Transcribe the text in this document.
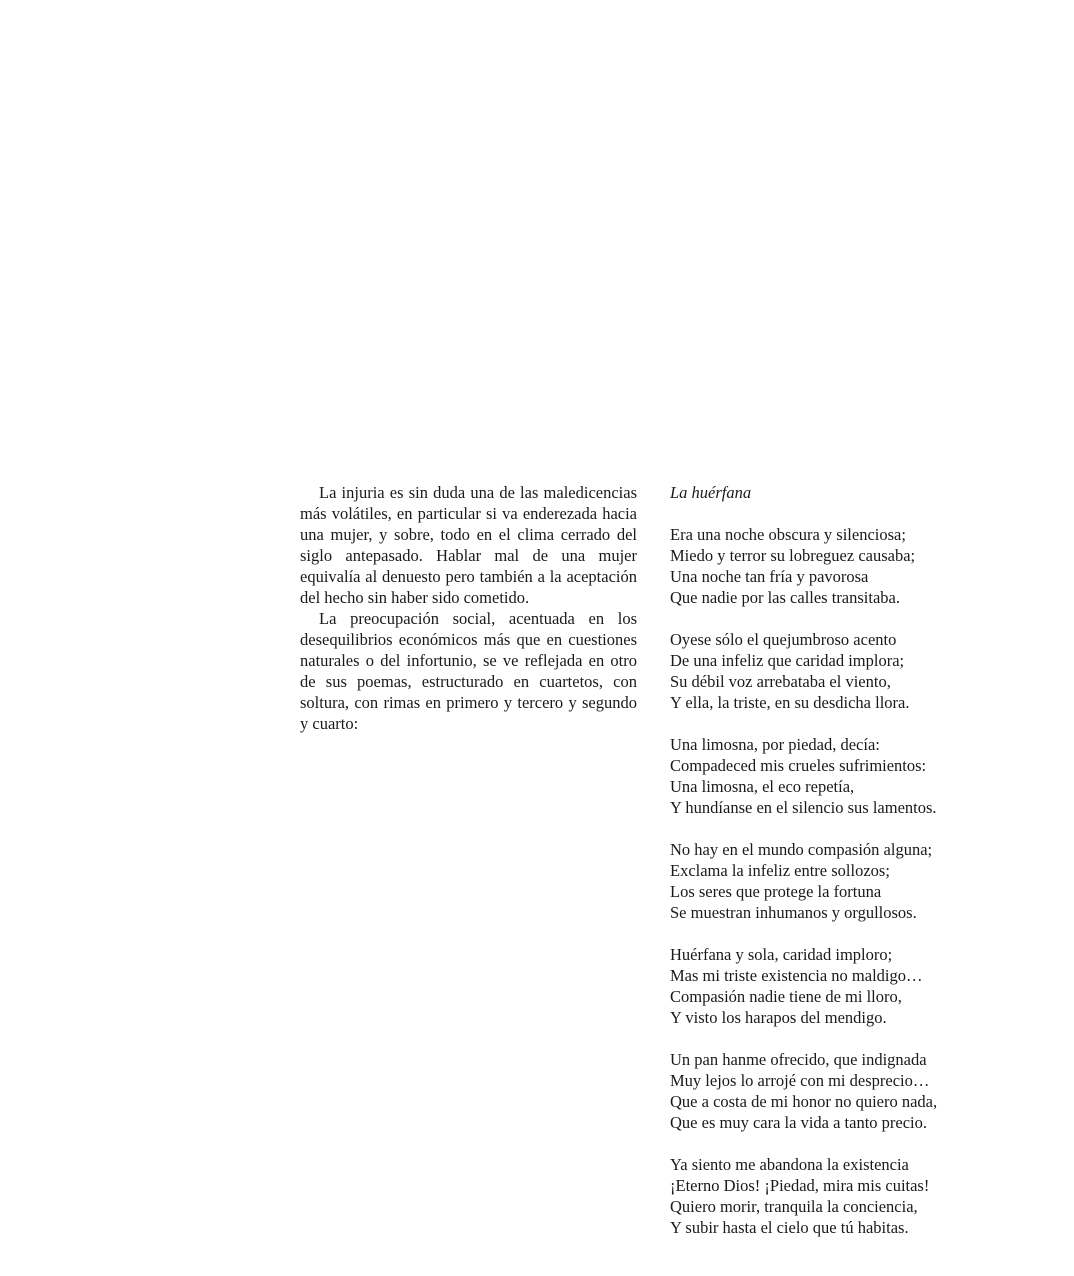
La injuria es sin duda una de las maledicencias más volátiles, en particular si va enderezada hacia una mujer, y sobre, todo en el clima cerrado del siglo antepasado. Hablar mal de una mujer equivalía al denuesto pero también a la aceptación del hecho sin haber sido cometido.

La preocupación social, acentuada en los desequilibrios económicos más que en cuestiones naturales o del infortunio, se ve reflejada en otro de sus poemas, estructurado en cuartetos, con soltura, con rimas en primero y tercero y segundo y cuarto:

La huérfana
Era una noche obscura y silenciosa;
Miedo y terror su lobreguez causaba;
Una noche tan fría y pavorosa
Que nadie por las calles transitaba.
Oyese sólo el quejumbroso acento
De una infeliz que caridad implora;
Su débil voz arrebataba el viento,
Y ella, la triste, en su desdicha llora.
Una limosna, por piedad, decía:
Compadeced mis crueles sufrimientos:
Una limosna, el eco repetía,
Y hundíanse en el silencio sus lamentos.
No hay en el mundo compasión alguna;
Exclama la infeliz entre sollozos;
Los seres que protege la fortuna
Se muestran inhumanos y orgullosos.
Huérfana y sola, caridad imploro;
Mas mi triste existencia no maldigo…
Compasión nadie tiene de mi lloro,
Y visto los harapos del mendigo.
Un pan hanme ofrecido, que indignada
Muy lejos lo arrojé con mi desprecio…
Que a costa de mi honor no quiero nada,
Que es muy cara la vida a tanto precio.
Ya siento me abandona la existencia
¡Eterno Dios! ¡Piedad, mira mis cuitas!
Quiero morir, tranquila la conciencia,
Y subir hasta el cielo que tú habitas.
